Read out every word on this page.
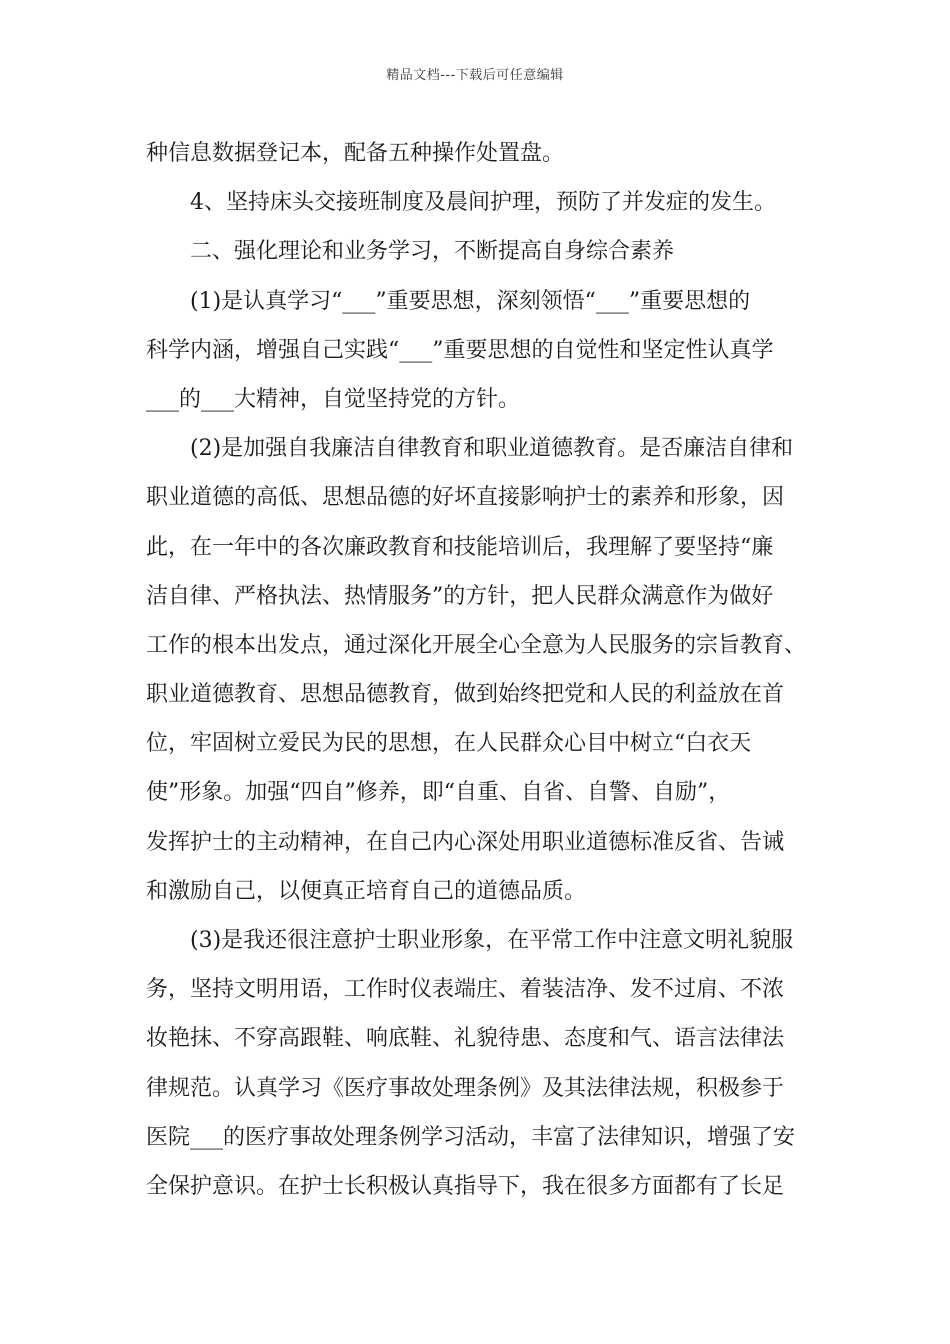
精品文档---下载后可任意编辑
种信息数据登记本，配备五种操作处置盘。
4、坚持床头交接班制度及晨间护理，预防了并发症的发生。
二、强化理论和业务学习，不断提高自身综合素养
(1)是认真学习“___”重要思想，深刻领悟“___”重要思想的
科学内涵，增强自己实践“___”重要思想的自觉性和坚定性认真学
___的___大精神，自觉坚持党的方针。
(2)是加强自我廉洁自律教育和职业道德教育。是否廉洁自律和
职业道德的高低、思想品德的好坏直接影响护士的素养和形象，因
此，在一年中的各次廉政教育和技能培训后，我理解了要坚持“廉
洁自律、严格执法、热情服务”的方针，把人民群众满意作为做好
工作的根本出发点，通过深化开展全心全意为人民服务的宗旨教育、
职业道德教育、思想品德教育，做到始终把党和人民的利益放在首
位，牢固树立爱民为民的思想，在人民群众心目中树立“白衣天
使”形象。加强“四自”修养，即“自重、自省、自警、自励”，
发挥护士的主动精神，在自己内心深处用职业道德标准反省、告诫
和激励自己，以便真正培育自己的道德品质。
(3)是我还很注意护士职业形象，在平常工作中注意文明礼貌服
务，坚持文明用语，工作时仪表端庄、着装洁净、发不过肩、不浓
妆艳抹、不穿高跟鞋、响底鞋、礼貌待患、态度和气、语言法律法
律规范。认真学习《医疗事故处理条例》及其法律法规，积极参于
医院___的医疗事故处理条例学习活动，丰富了法律知识，增强了安
全保护意识。在护士长积极认真指导下，我在很多方面都有了长足
